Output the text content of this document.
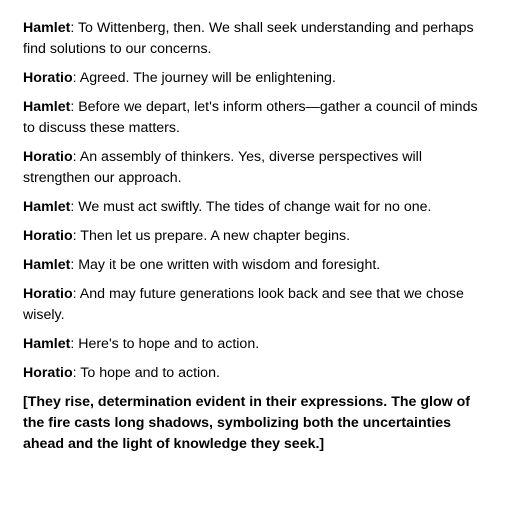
Hamlet: To Wittenberg, then. We shall seek understanding and perhaps find solutions to our concerns.

Horatio: Agreed. The journey will be enlightening.

Hamlet: Before we depart, let's inform others—gather a council of minds to discuss these matters.

Horatio: An assembly of thinkers. Yes, diverse perspectives will strengthen our approach.

Hamlet: We must act swiftly. The tides of change wait for no one.

Horatio: Then let us prepare. A new chapter begins.

Hamlet: May it be one written with wisdom and foresight.

Horatio: And may future generations look back and see that we chose wisely.

Hamlet: Here's to hope and to action.

Horatio: To hope and to action.

[They rise, determination evident in their expressions. The glow of the fire casts long shadows, symbolizing both the uncertainties ahead and the light of knowledge they seek.]
